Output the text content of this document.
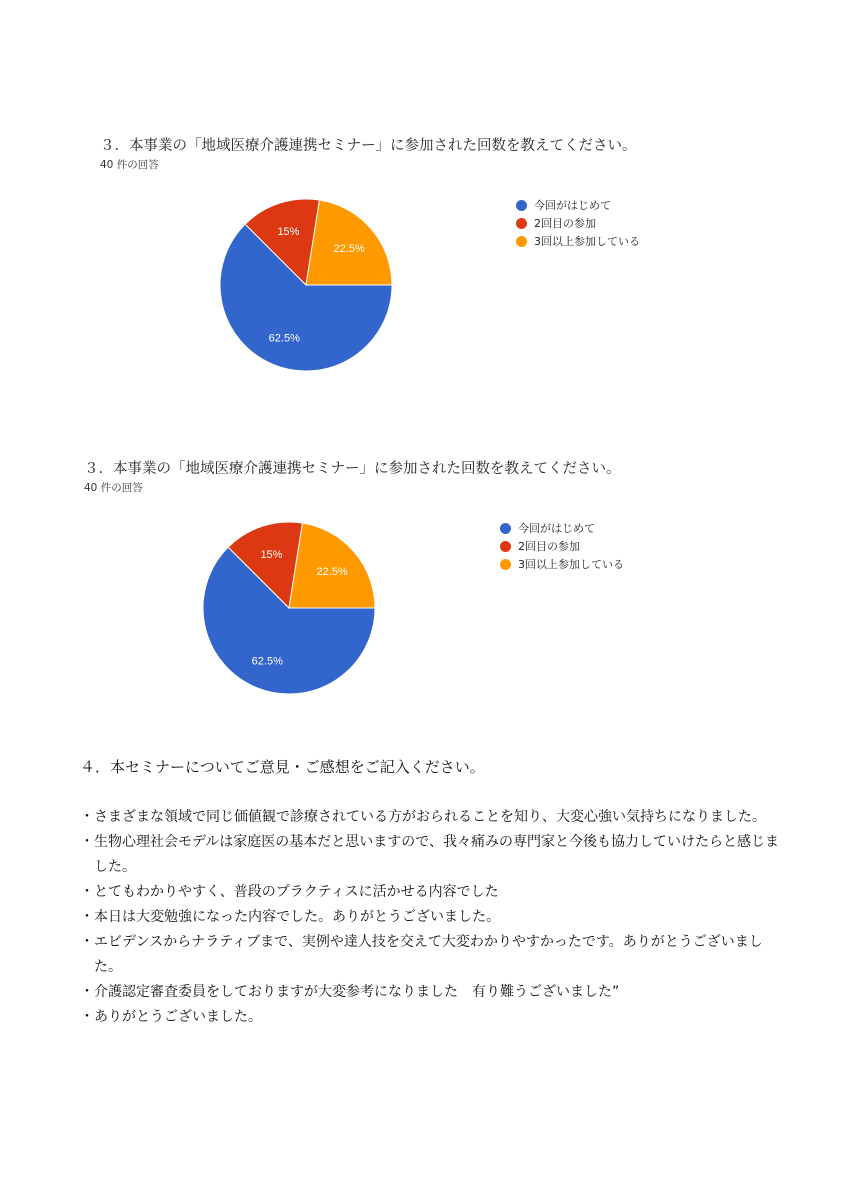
３．本事業の「地域医療介護連携セミナー」に参加された回数を教えてください。
40 件の回答
62.5%
15%
22.5%
今回がはじめて
2回目の参加
3回以上参加している
３．本事業の「地域医療介護連携セミナー」に参加された回数を教えてください。
40 件の回答
62.5%
15%
22.5%
今回がはじめて
2回目の参加
3回以上参加している
４．本セミナーについてご意見・ご感想をご記入ください。
・さまざまな領域で同じ価値観で診療されている方がおられることを知り、大変心強い気持ちになりました。
・生物心理社会モデルは家庭医の基本だと思いますので、我々痛みの専門家と今後も協力していけたらと感じました。
・とてもわかりやすく、普段のプラクティスに活かせる内容でした
・本日は大変勉強になった内容でした。ありがとうございました。
・エビデンスからナラティブまで、実例や達人技を交えて大変わかりやすかったです。ありがとうございました。
・介護認定審査委員をしておりますが大変参考になりました　有り難うございました”
・ありがとうございました。
